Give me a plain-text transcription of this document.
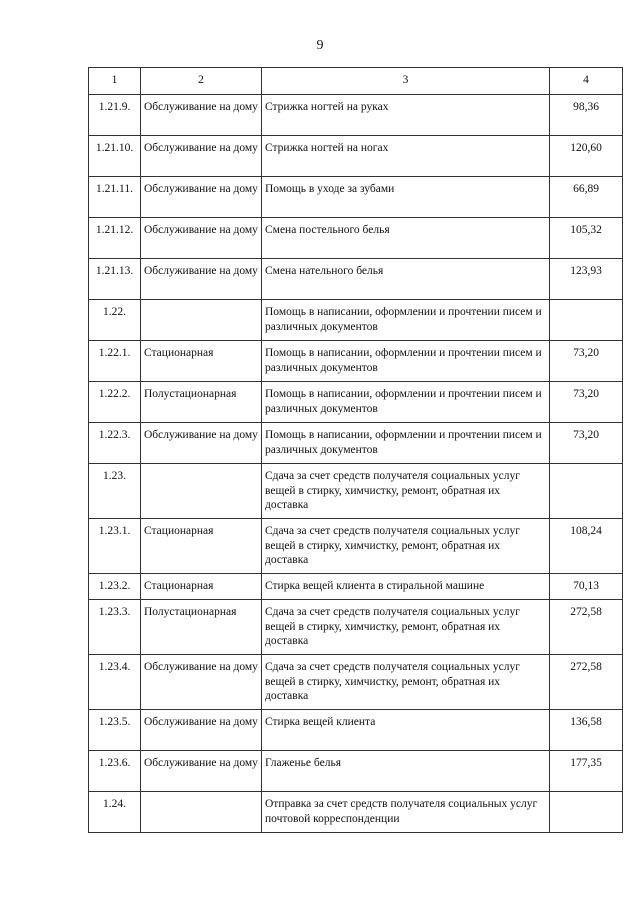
9
1	2	3	4
1.21.9.	Обслуживание на дому	Стрижка ногтей на руках	98,36
1.21.10.	Обслуживание на дому	Стрижка ногтей на ногах	120,60
1.21.11.	Обслуживание на дому	Помощь в уходе за зубами	66,89
1.21.12.	Обслуживание на дому	Смена постельного белья	105,32
1.21.13.	Обслуживание на дому	Смена нательного белья	123,93
1.22.		Помощь в написании, оформлении и прочтении писем и различных документов	
1.22.1.	Стационарная	Помощь в написании, оформлении и прочтении писем и различных документов	73,20
1.22.2.	Полустационарная	Помощь в написании, оформлении и прочтении писем и различных документов	73,20
1.22.3.	Обслуживание на дому	Помощь в написании, оформлении и прочтении писем и различных документов	73,20
1.23.		Сдача за счет средств получателя социальных услуг вещей в стирку, химчистку, ремонт, обратная их доставка	
1.23.1.	Стационарная	Сдача за счет средств получателя социальных услуг вещей в стирку, химчистку, ремонт, обратная их доставка	108,24
1.23.2.	Стационарная	Стирка вещей клиента в стиральной машине	70,13
1.23.3.	Полустационарная	Сдача за счет средств получателя социальных услуг вещей в стирку, химчистку, ремонт, обратная их доставка	272,58
1.23.4.	Обслуживание на дому	Сдача за счет средств получателя социальных услуг вещей в стирку, химчистку, ремонт, обратная их доставка	272,58
1.23.5.	Обслуживание на дому	Стирка вещей клиента	136,58
1.23.6.	Обслуживание на дому	Глаженье белья	177,35
1.24.		Отправка за счет средств получателя социальных услуг почтовой корреспонденции	
